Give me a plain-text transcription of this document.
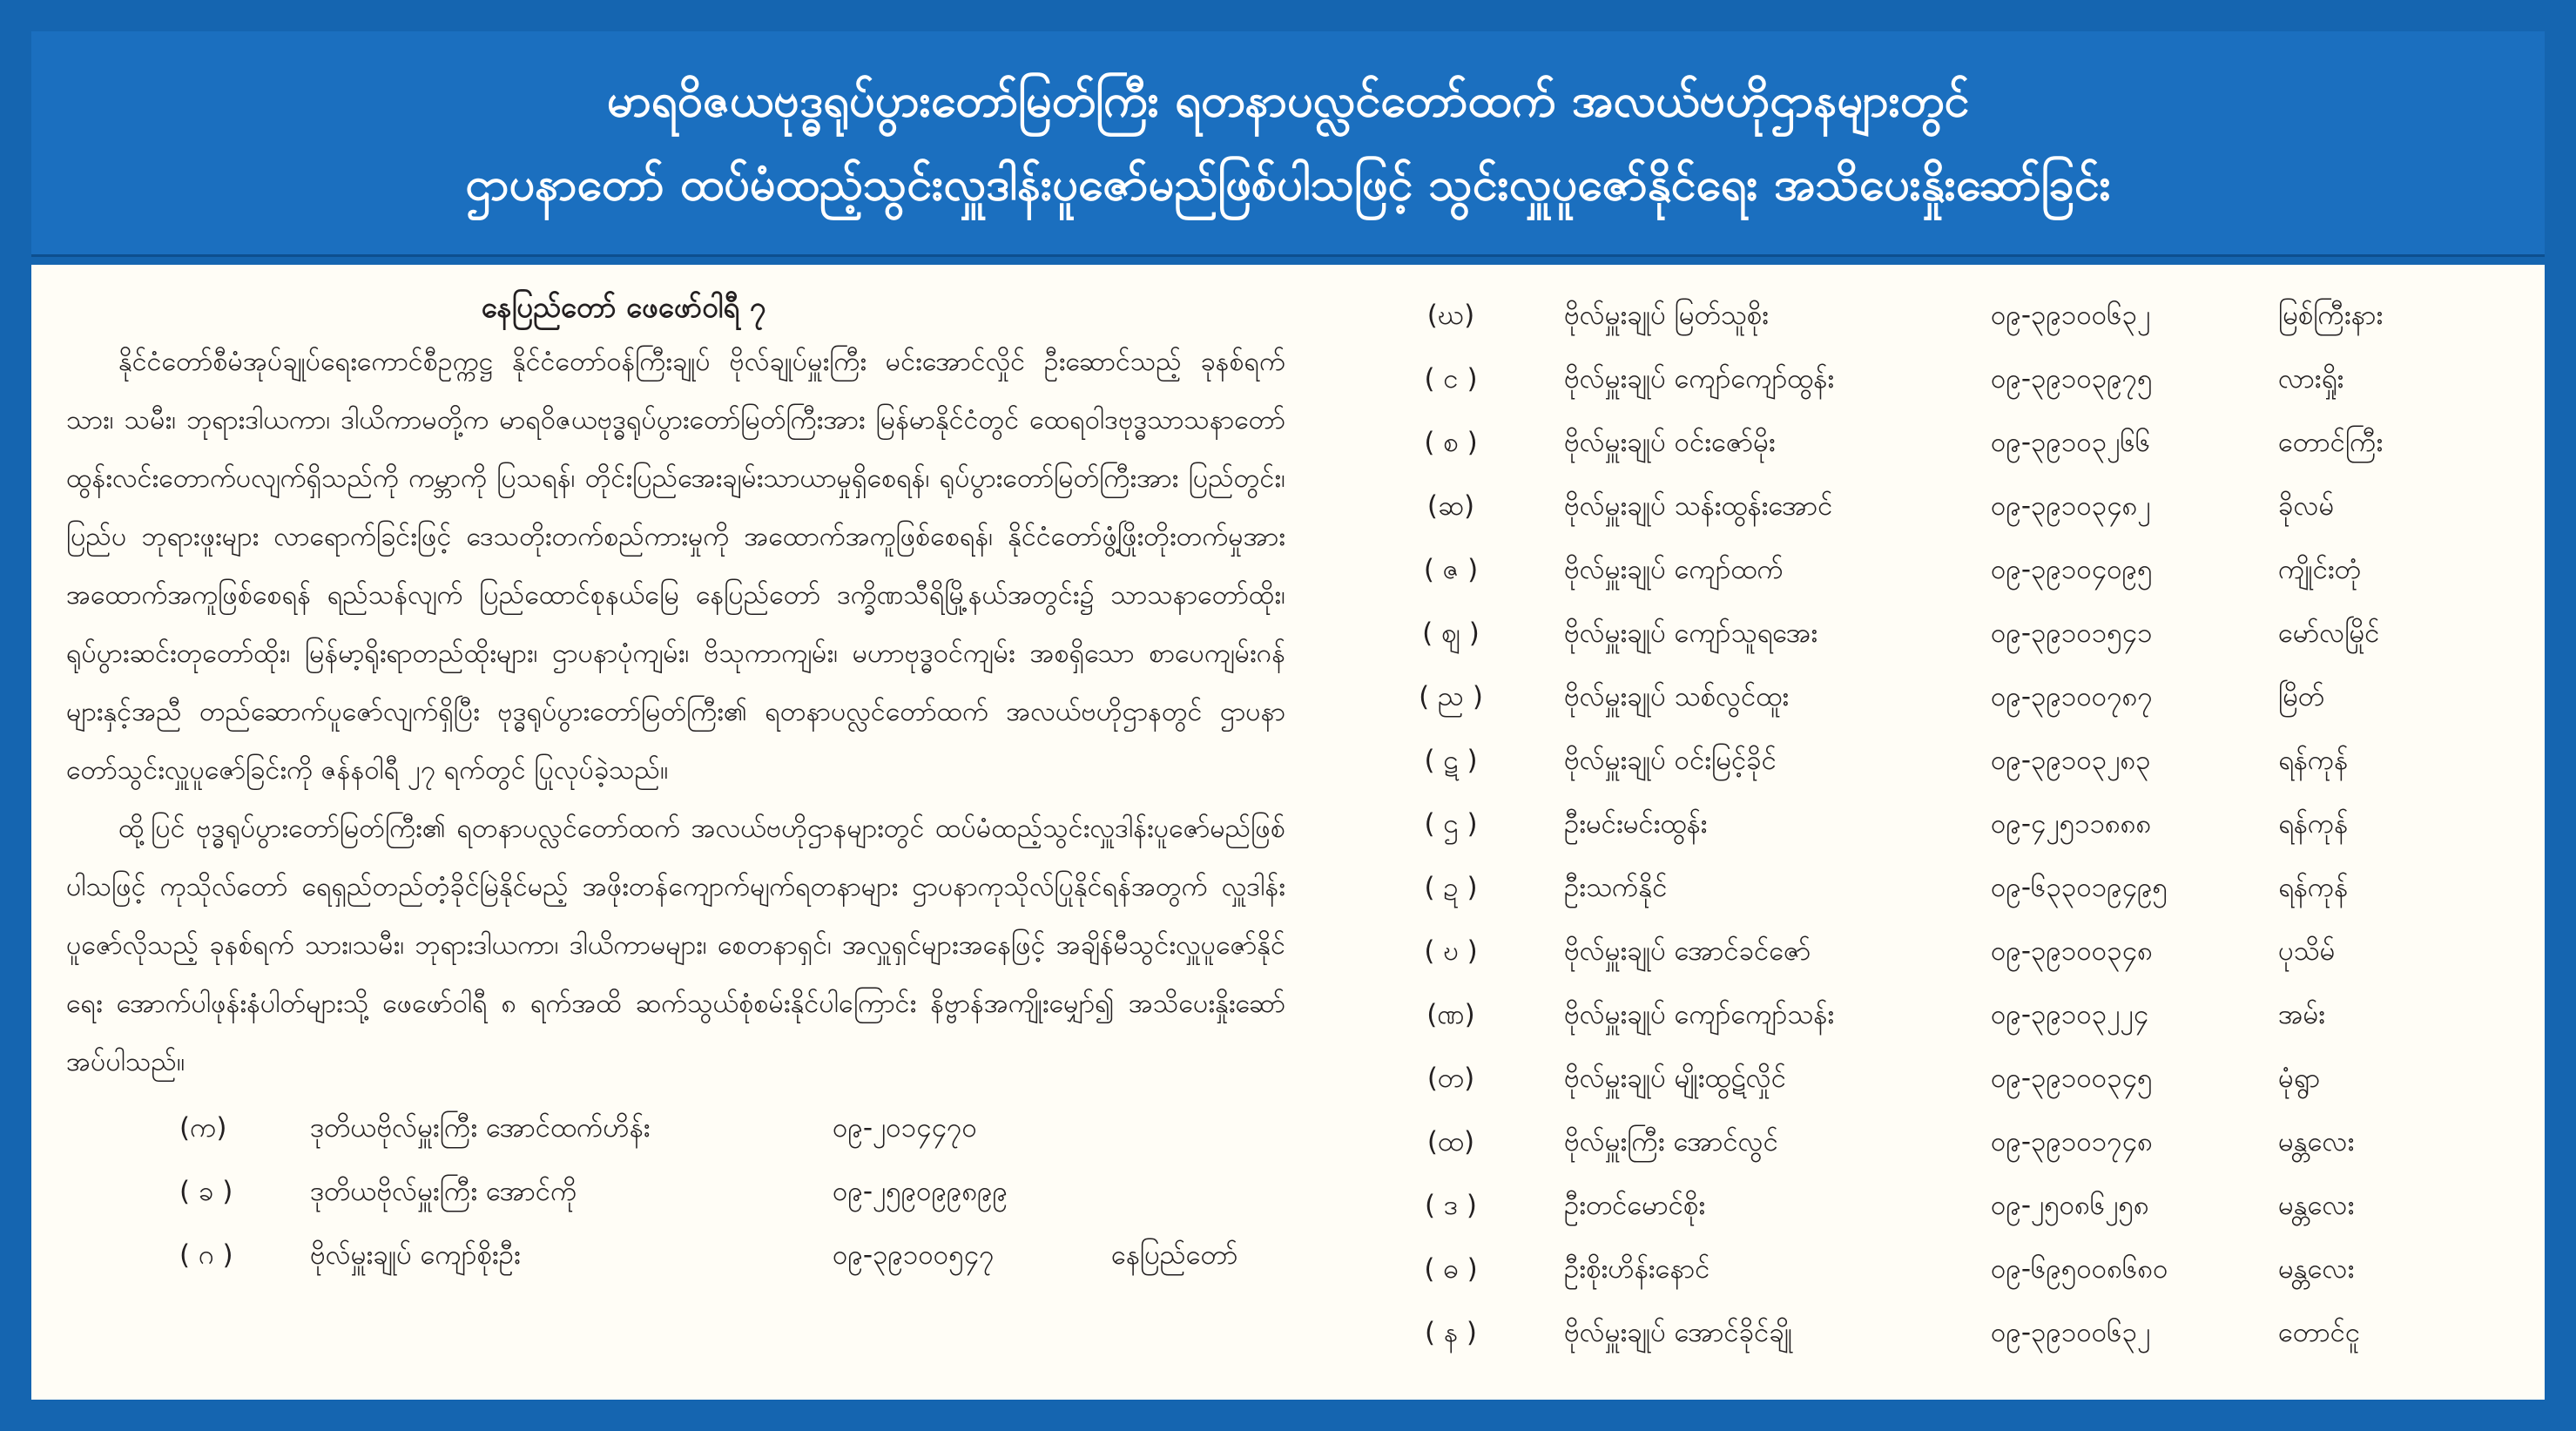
မာရဝိဇယဗုဒ္ဓရုပ်ပွားတော်မြတ်ကြီး ရတနာပလ္လင်တော်ထက် အလယ်ဗဟိုဌာနများတွင်
ဌာပနာတော် ထပ်မံထည့်သွင်းလှူဒါန်းပူဇော်မည်ဖြစ်ပါသဖြင့် သွင်းလှူပူဇော်နိုင်ရေး အသိပေးနှိုးဆော်ခြင်း
နေပြည်တော် ဖေဖော်ဝါရီ ၇

နိုင်ငံတော်စီမံအုပ်ချုပ်ရေးကောင်စီဥက္ကဋ္ဌ နိုင်ငံတော်ဝန်ကြီးချုပ် ဗိုလ်ချုပ်မှူးကြီး မင်းအောင်လှိုင် ဦးဆောင်သည့် ခုနစ်ရက် သား၊ သမီး၊ ဘုရားဒါယကာ၊ ဒါယိကာမတို့က မာရဝိဇယဗုဒ္ဓရုပ်ပွားတော်မြတ်ကြီးအား မြန်မာနိုင်ငံတွင် ထေရဝါဒဗုဒ္ဓသာသနာတော် ထွန်းလင်းတောက်ပလျက်ရှိသည်ကို ကမ္ဘာကို ပြသရန်၊ တိုင်းပြည်အေးချမ်းသာယာမှုရှိစေရန်၊ ရုပ်ပွားတော်မြတ်ကြီးအား ပြည်တွင်း၊ ပြည်ပ ဘုရားဖူးများ လာရောက်ခြင်းဖြင့် ဒေသတိုးတက်စည်ကားမှုကို အထောက်အကူဖြစ်စေရန်၊ နိုင်ငံတော်ဖွံ့ဖြိုးတိုးတက်မှုအား အထောက်အကူဖြစ်စေရန် ရည်သန်လျက် ပြည်ထောင်စုနယ်မြေ နေပြည်တော် ဒက္ခိဏသီရိမြို့နယ်အတွင်း၌ သာသနာတော်ထိုး၊ ရုပ်ပွားဆင်းတုတော်ထိုး၊ မြန်မာ့ရိုးရာတည်ထိုးများ၊ ဌာပနာပုံကျမ်း၊ ဗိသုကာကျမ်း၊ မဟာဗုဒ္ဓဝင်ကျမ်း အစရှိသော စာပေကျမ်းဂန်များနှင့်အညီ တည်ဆောက်ပူဇော်လျက်ရှိပြီး ဗုဒ္ဓရုပ်ပွားတော်မြတ်ကြီး၏ ရတနာပလ္လင်တော်ထက် အလယ်ဗဟိုဌာနတွင် ဌာပနာတော်သွင်းလှူပူဇော်ခြင်းကို ဇန်နဝါရီ ၂၇ ရက်တွင် ပြုလုပ်ခဲ့သည်။

ထို့ပြင် ဗုဒ္ဓရုပ်ပွားတော်မြတ်ကြီး၏ ရတနာပလ္လင်တော်ထက် အလယ်ဗဟိုဌာနများတွင် ထပ်မံထည့်သွင်းလှူဒါန်းပူဇော်မည်ဖြစ်ပါသဖြင့် ကုသိုလ်တော် ရေရှည်တည်တံ့ခိုင်မြဲနိုင်မည့် အဖိုးတန်ကျောက်မျက်ရတနာများ ဌာပနာကုသိုလ်ပြုနိုင်ရန်အတွက် လှူဒါန်းပူဇော်လိုသည့် ခုနစ်ရက် သား၊သမီး၊ ဘုရားဒါယကာ၊ ဒါယိကာမများ၊ စေတနာရှင်၊ အလှူရှင်များအနေဖြင့် အချိန်မီသွင်းလှူပူဇော်နိုင်ရေး အောက်ပါဖုန်းနံပါတ်များသို့ ဖေဖော်ဝါရီ ၈ ရက်အထိ ဆက်သွယ်စုံစမ်းနိုင်ပါကြောင်း နိဗ္ဗာန်အကျိုးမျှော်၍ အသိပေးနှိုးဆော်အပ်ပါသည်။

(က)	ဒုတိယဗိုလ်မှူးကြီး အောင်ထက်ဟိန်း	၀၉-၂၀၁၄၄၇၀
( ခ )	ဒုတိယဗိုလ်မှူးကြီး အောင်ကို	၀၉-၂၅၉၀၉၉၈၉၉
( ဂ )	ဗိုလ်မှူးချုပ် ကျော်စိုးဦး	၀၉-၃၉၁၀၀၅၄၇	နေပြည်တော်
(ဃ)	ဗိုလ်မှူးချုပ် မြတ်သူစိုး	၀၉-၃၉၁၀၀၆၃၂	မြစ်ကြီးနား
( င )	ဗိုလ်မှူးချုပ် ကျော်ကျော်ထွန်း	၀၉-၃၉၁၀၃၉၇၅	လားရှိုး
( စ )	ဗိုလ်မှူးချုပ် ဝင်းဇော်မိုး	၀၉-၃၉၁၀၃၂၆၆	တောင်ကြီး
(ဆ)	ဗိုလ်မှူးချုပ် သန်းထွန်းအောင်	၀၉-၃၉၁၀၃၄၈၂	ခိုလမ်
( ဇ )	ဗိုလ်မှူးချုပ် ကျော်ထက်	၀၉-၃၉၁၀၄၀၉၅	ကျိုင်းတုံ
( ဈ )	ဗိုလ်မှူးချုပ် ကျော်သူရအေး	၀၉-၃၉၁၀၁၅၄၁	မော်လမြိုင်
( ည )	ဗိုလ်မှူးချုပ် သစ်လွင်ထူး	၀၉-၃၉၁၀၀၇၈၇	မြိတ်
( ဋ )	ဗိုလ်မှူးချုပ် ဝင်းမြင့်ခိုင်	၀၉-၃၉၁၀၃၂၈၃	ရန်ကုန်
( ဌ )	ဦးမင်းမင်းထွန်း	၀၉-၄၂၅၁၁၈၈၈	ရန်ကုန်
( ဍ )	ဦးသက်နိုင်	၀၉-၆၃၃၀၁၉၄၉၅	ရန်ကုန်
( ဎ )	ဗိုလ်မှူးချုပ် အောင်ခင်ဇော်	၀၉-၃၉၁၀၀၃၄၈	ပုသိမ်
(ဏ)	ဗိုလ်မှူးချုပ် ကျော်ကျော်သန်း	၀၉-၃၉၁၀၃၂၂၄	အမ်း
(တ)	ဗိုလ်မှူးချုပ် မျိုးထွဋ်လှိုင်	၀၉-၃၉၁၀၀၃၄၅	မုံရွာ
(ထ)	ဗိုလ်မှူးကြီး အောင်လွင်	၀၉-၃၉၁၀၁၇၄၈	မန္တလေး
( ဒ )	ဦးတင်မောင်စိုး	၀၉-၂၅၀၈၆၂၅၈	မန္တလေး
( ဓ )	ဦးစိုးဟိန်းနောင်	၀၉-၆၉၅၀၀၈၆၈၀	မန္တလေး
( န )	ဗိုလ်မှူးချုပ် အောင်ခိုင်ချို	၀၉-၃၉၁၀၀၆၃၂	တောင်ငူ
